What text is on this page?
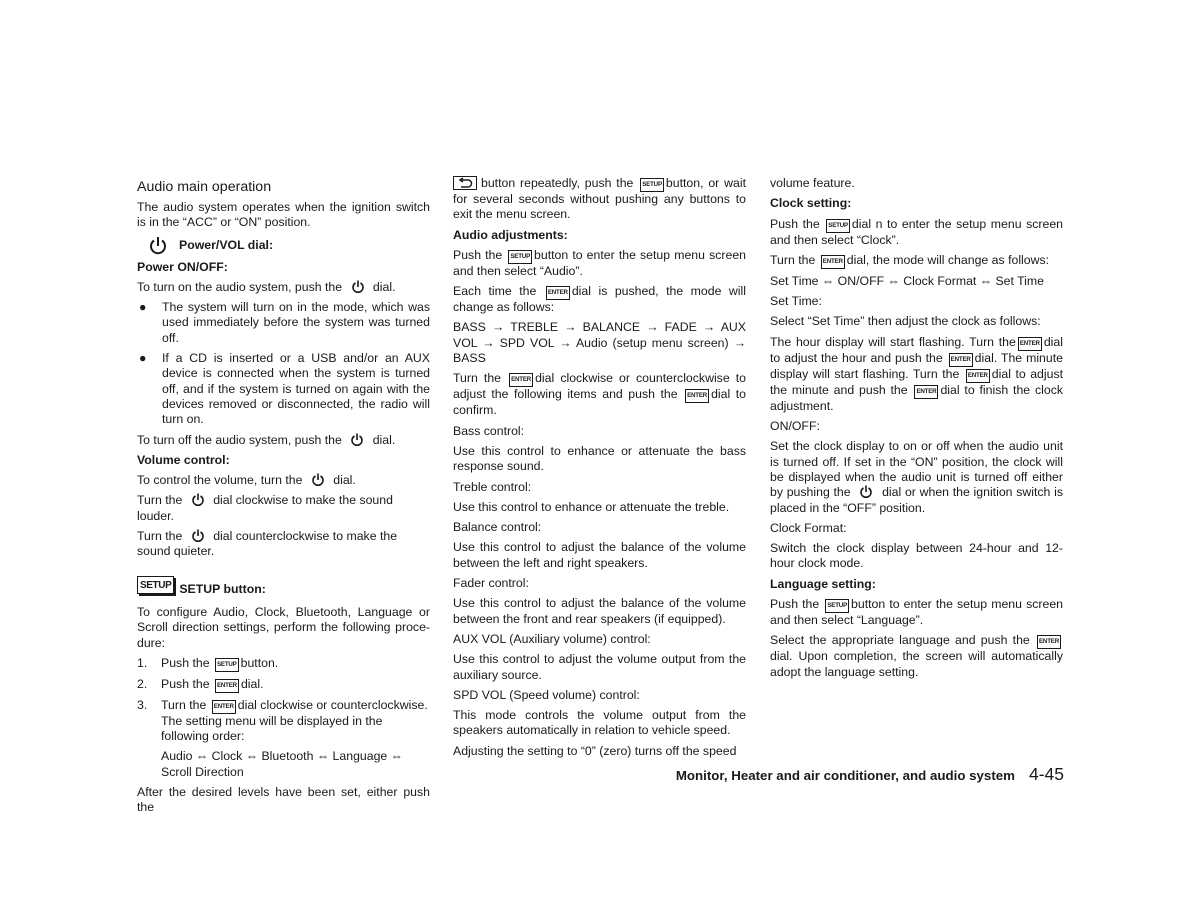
Audio main operation

The audio system operates when the ignition switch is in the “ACC” or “ON” position.

Power/VOL dial:
Power ON/OFF:

To turn on the audio system, push the	dial.

●	The system will turn on in the mode, which was used immediately before the system was turned off.
●	If a CD is inserted or a USB and/or an AUX device is connected when the system is turned off, and if the system is turned on again with the devices removed or disconnected, the radio will turn on.

To turn off the audio system, push the	dial.

Volume control:

To control the volume, turn the	dial.

Turn the	dial clockwise to make the sound louder.

Turn the	dial counterclockwise to make the sound quieter.

SETUP SETUP button:

To configure Audio, Clock, Bluetooth, Language or Scroll direction settings, perform the following proce-dure:

1.	Push the SETUP button.
2.	Push the ENTER dial.
3.	Turn the ENTER dial clockwise or counterclockwise. The setting menu will be displayed in the following order:

Audio ⇔ Clock ⇔ Bluetooth ⇔ Language ⇔ Scroll Direction

After the desired levels have been set, either push the

button repeatedly, push the SETUP button, or wait for several seconds without pushing any buttons to exit the menu screen.

Audio adjustments:

Push the SETUP button to enter the setup menu screen and then select “Audio”.

Each time the ENTER dial is pushed, the mode will change as follows:

BASS → TREBLE → BALANCE → FADE → AUX VOL → SPD VOL → Audio (setup menu screen) → BASS

Turn the ENTER dial clockwise or counterclockwise to adjust the following items and push the ENTER dial to confirm.

Bass control:

Use this control to enhance or attenuate the bass response sound.

Treble control:

Use this control to enhance or attenuate the treble.

Balance control:

Use this control to adjust the balance of the volume between the left and right speakers.

Fader control:

Use this control to adjust the balance of the volume between the front and rear speakers (if equipped).

AUX VOL (Auxiliary volume) control:

Use this control to adjust the volume output from the auxiliary source.

SPD VOL (Speed volume) control:

This mode controls the volume output from the speakers automatically in relation to vehicle speed.

Adjusting the setting to “0” (zero) turns off the speed

volume feature.

Clock setting:

Push the SETUP dial n to enter the setup menu screen and then select “Clock”.

Turn the ENTER dial, the mode will change as follows:

Set Time ⇔ ON/OFF ⇔ Clock Format ⇔ Set Time

Set Time:

Select “Set Time” then adjust the clock as follows:

The hour display will start flashing. Turn the ENTER dial to adjust the hour and push the ENTER dial. The minute display will start flashing. Turn the ENTER dial to adjust the minute and push the ENTER dial to finish the clock adjustment.

ON/OFF:

Set the clock display to on or off when the audio unit is turned off. If set in the “ON” position, the clock will be displayed when the audio unit is turned off either by pushing the	dial or when the ignition switch is placed in the “OFF” position.

Clock Format:

Switch the clock display between 24-hour and 12-hour clock mode.

Language setting:

Push the SETUP button to enter the setup menu screen and then select “Language”.

Select the appropriate language and push the ENTERdial. Upon completion, the screen will automatically adopt the language setting.

Monitor, Heater and air conditioner, and audio system 4-45
